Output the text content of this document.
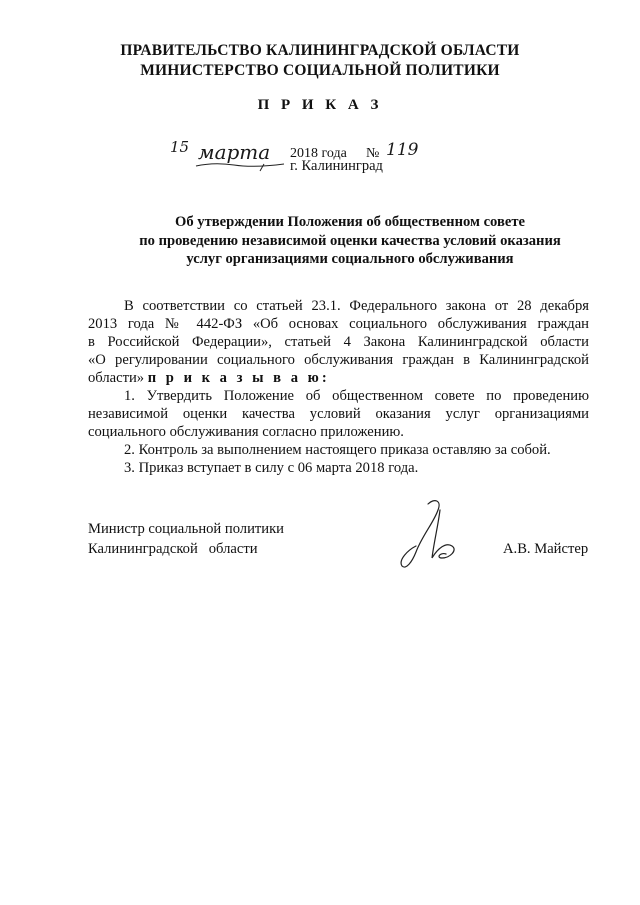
ПРАВИТЕЛЬСТВО КАЛИНИНГРАДСКОЙ ОБЛАСТИ
МИНИСТЕРСТВО СОЦИАЛЬНОЙ ПОЛИТИКИ
П Р И К А З
15 марта 2018 года № 119
г. Калининград
Об утверждении Положения об общественном совете
по проведению независимой оценки качества условий оказания
услуг организациями социального обслуживания
В соответствии со статьей 23.1. Федерального закона от 28 декабря
2013 года № 442-ФЗ «Об основах социального обслуживания граждан
в Российской Федерации», статьей 4 Закона Калининградской области
«О регулировании социального обслуживания граждан в Калининградской
области» п р и к а з ы в а ю:
1. Утвердить Положение об общественном совете по проведению
независимой оценки качества условий оказания услуг организациями
социального обслуживания согласно приложению.
2. Контроль за выполнением настоящего приказа оставляю за собой.
3. Приказ вступает в силу с 06 марта 2018 года.
Министр социальной политики
Калининградской   области	А.В. Майстер
